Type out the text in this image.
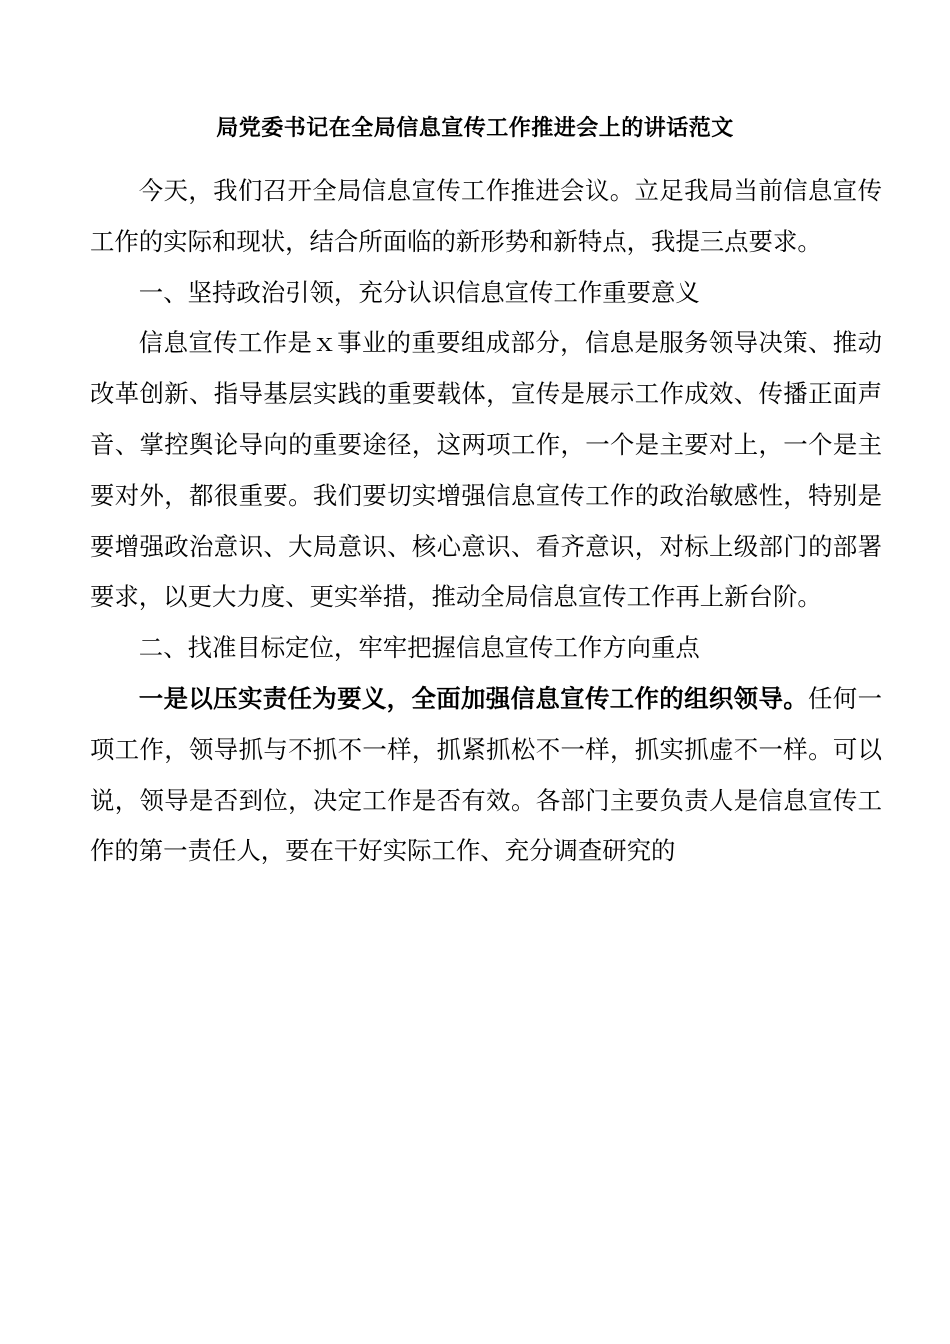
局党委书记在全局信息宣传工作推进会上的讲话范文

今天，我们召开全局信息宣传工作推进会议。立足我局当前信息宣传工作的实际和现状，结合所面临的新形势和新特点，我提三点要求。

一、坚持政治引领，充分认识信息宣传工作重要意义

信息宣传工作是ｘ事业的重要组成部分，信息是服务领导决策、推动改革创新、指导基层实践的重要载体，宣传是展示工作成效、传播正面声音、掌控舆论导向的重要途径，这两项工作，一个是主要对上，一个是主要对外，都很重要。我们要切实增强信息宣传工作的政治敏感性，特别是要增强政治意识、大局意识、核心意识、看齐意识，对标上级部门的部署要求，以更大力度、更实举措，推动全局信息宣传工作再上新台阶。

二、找准目标定位，牢牢把握信息宣传工作方向重点

一是以压实责任为要义，全面加强信息宣传工作的组织领导。任何一项工作，领导抓与不抓不一样，抓紧抓松不一样，抓实抓虚不一样。可以说，领导是否到位，决定工作是否有效。各部门主要负责人是信息宣传工作的第一责任人，要在干好实际工作、充分调查研究的
